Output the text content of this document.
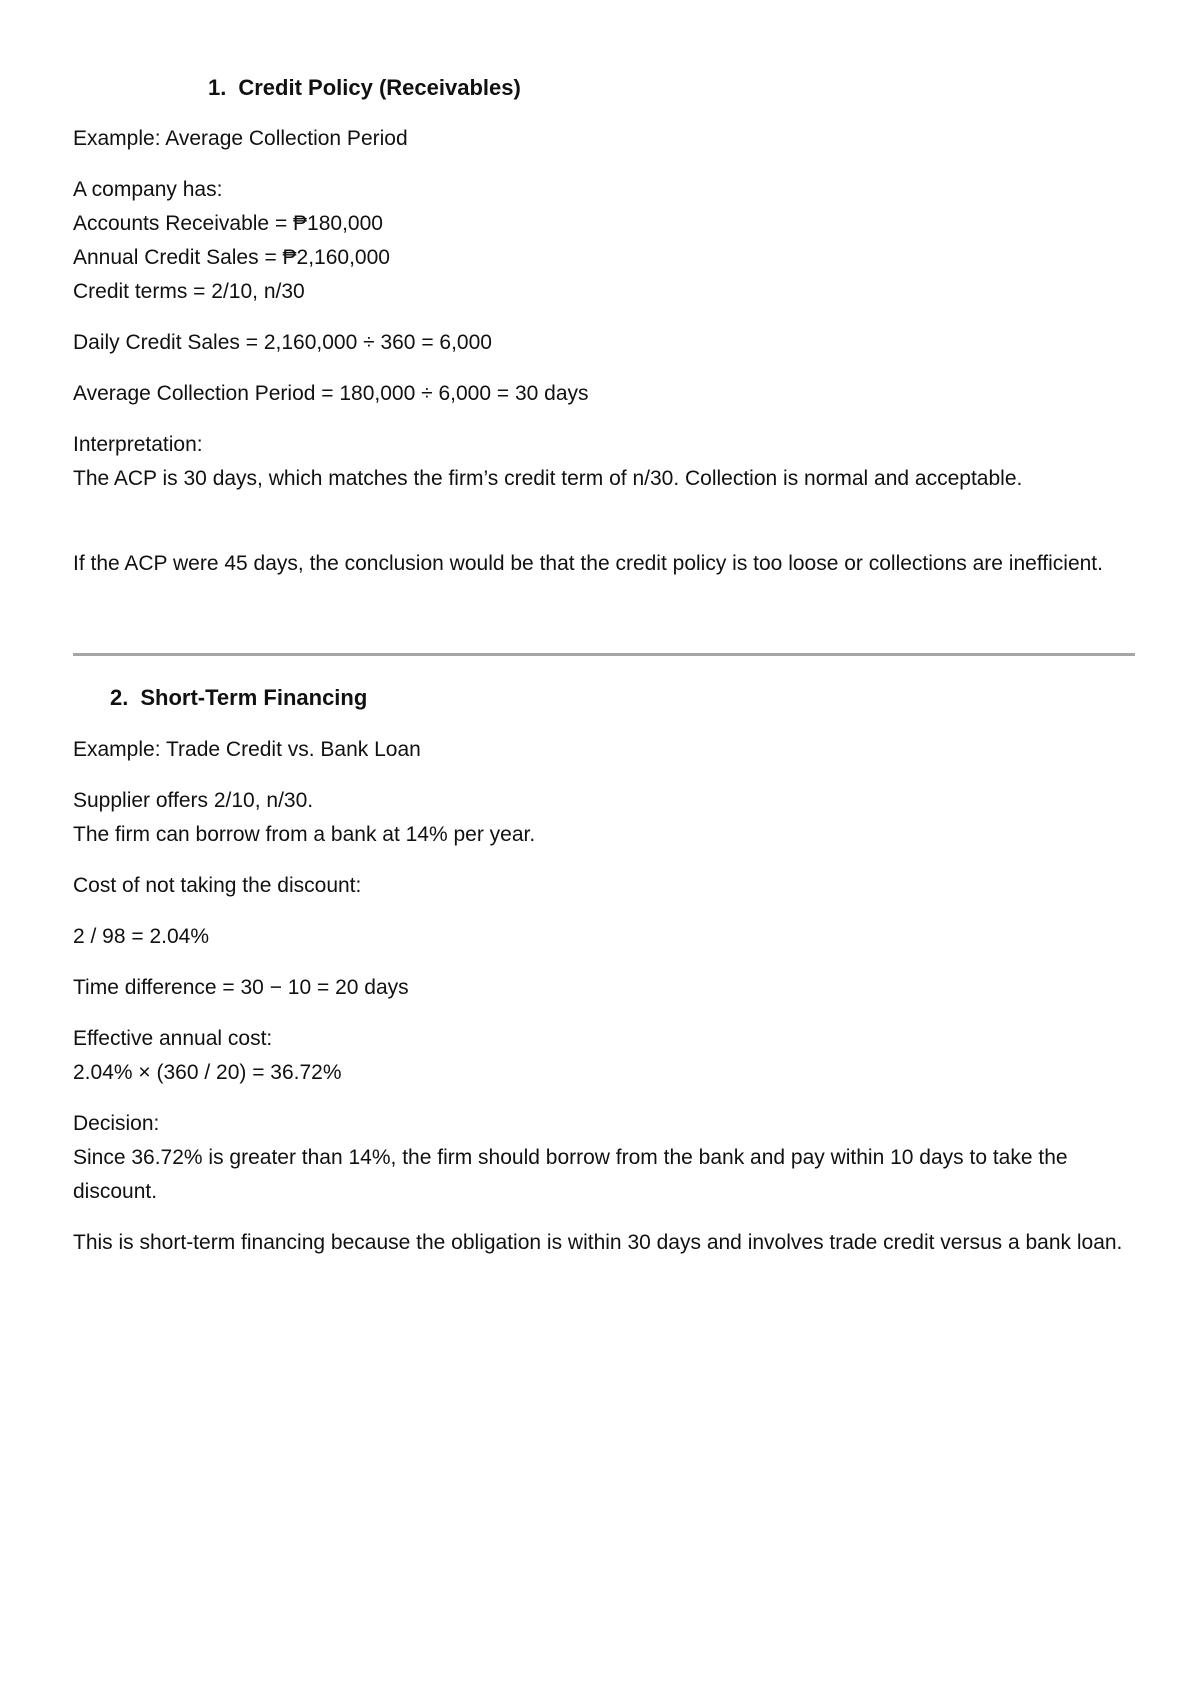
1. Credit Policy (Receivables)

Example: Average Collection Period

A company has:

Accounts Receivable = ₱180,000

Annual Credit Sales = ₱2,160,000

Credit terms = 2/10, n/30

Daily Credit Sales = 2,160,000 ÷ 360 = 6,000

Average Collection Period = 180,000 ÷ 6,000 = 30 days

Interpretation:

The ACP is 30 days, which matches the firm’s credit term of n/30. Collection is normal and acceptable.

If the ACP were 45 days, the conclusion would be that the credit policy is too loose or collections are inefficient.

2. Short-Term Financing

Example: Trade Credit vs. Bank Loan

Supplier offers 2/10, n/30.

The firm can borrow from a bank at 14% per year.

Cost of not taking the discount:

2 / 98 = 2.04%

Time difference = 30 − 10 = 20 days

Effective annual cost:

2.04% × (360 / 20) = 36.72%

Decision:

Since 36.72% is greater than 14%, the firm should borrow from the bank and pay within 10 days to take the discount.

This is short-term financing because the obligation is within 30 days and involves trade credit versus a bank loan.
